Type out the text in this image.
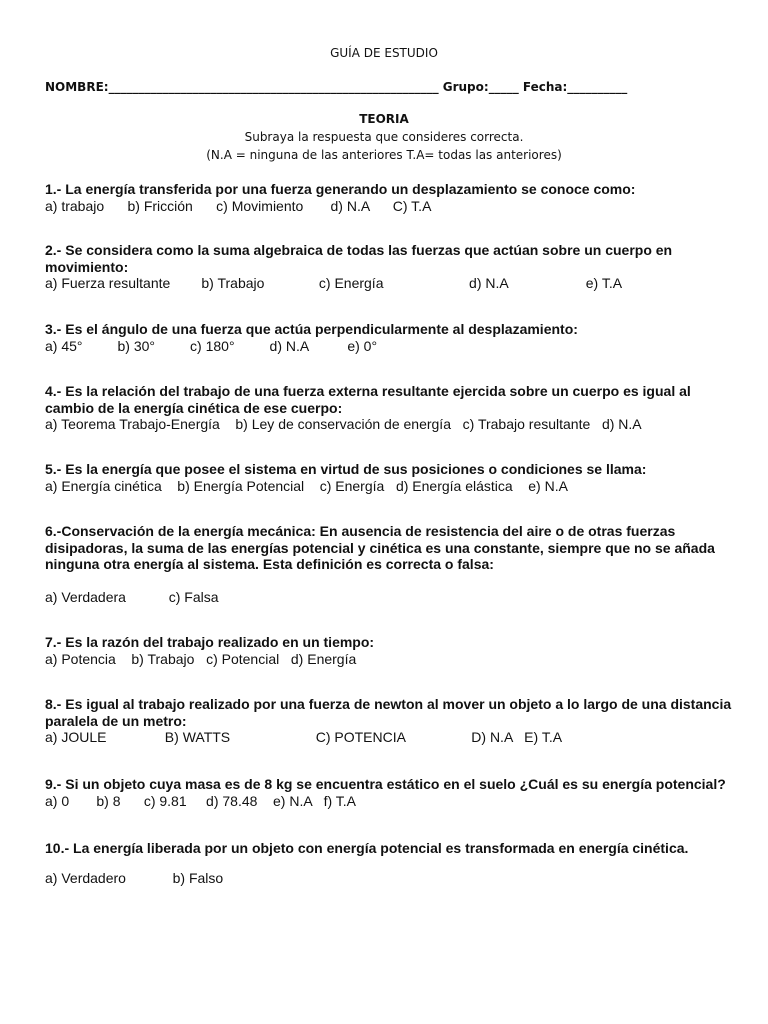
GUÍA DE ESTUDIO
NOMBRE:_______________________________________________________ Grupo:_____ Fecha:__________
TEORIA
Subraya la respuesta que consideres correcta.
(N.A = ninguna de las anteriores T.A= todas las anteriores)
1.- La energía transferida por una fuerza generando un desplazamiento se conoce como:
a) trabajo      b) Fricción      c) Movimiento       d) N.A      C) T.A
2.- Se considera como la suma algebraica de todas las fuerzas que actúan sobre un cuerpo en movimiento:
a) Fuerza resultante        b) Trabajo              c) Energía                      d) N.A                    e) T.A
3.- Es el ángulo de una fuerza que actúa perpendicularmente al desplazamiento:
a) 45°         b) 30°         c) 180°         d) N.A          e) 0°
4.- Es la relación del trabajo de una fuerza externa resultante ejercida sobre un cuerpo es igual al cambio de la energía cinética de ese cuerpo:
a) Teorema Trabajo-Energía    b) Ley de conservación de energía   c) Trabajo resultante   d) N.A
5.- Es la energía que posee el sistema en virtud de sus posiciones o condiciones se llama:
a) Energía cinética    b) Energía Potencial    c) Energía   d) Energía elástica    e) N.A
6.-Conservación de la energía mecánica: En ausencia de resistencia del aire o de otras fuerzas disipadoras, la suma de las energías potencial y cinética es una constante, siempre que no se añada ninguna otra energía al sistema. Esta definición es correcta o falsa:
a) Verdadera           c) Falsa
7.- Es la razón del trabajo realizado en un tiempo:
a) Potencia    b) Trabajo   c) Potencial   d) Energía
8.- Es igual al trabajo realizado por una fuerza de newton al mover un objeto a lo largo de una distancia paralela de un metro:
a) JOULE               B) WATTS                      C) POTENCIA                 D) N.A   E) T.A
9.- Si un objeto cuya masa es de 8 kg se encuentra estático en el suelo ¿Cuál es su energía potencial?
a) 0       b) 8      c) 9.81     d) 78.48    e) N.A   f) T.A
10.- La energía liberada por un objeto con energía potencial es transformada en energía cinética.
a) Verdadero            b) Falso
